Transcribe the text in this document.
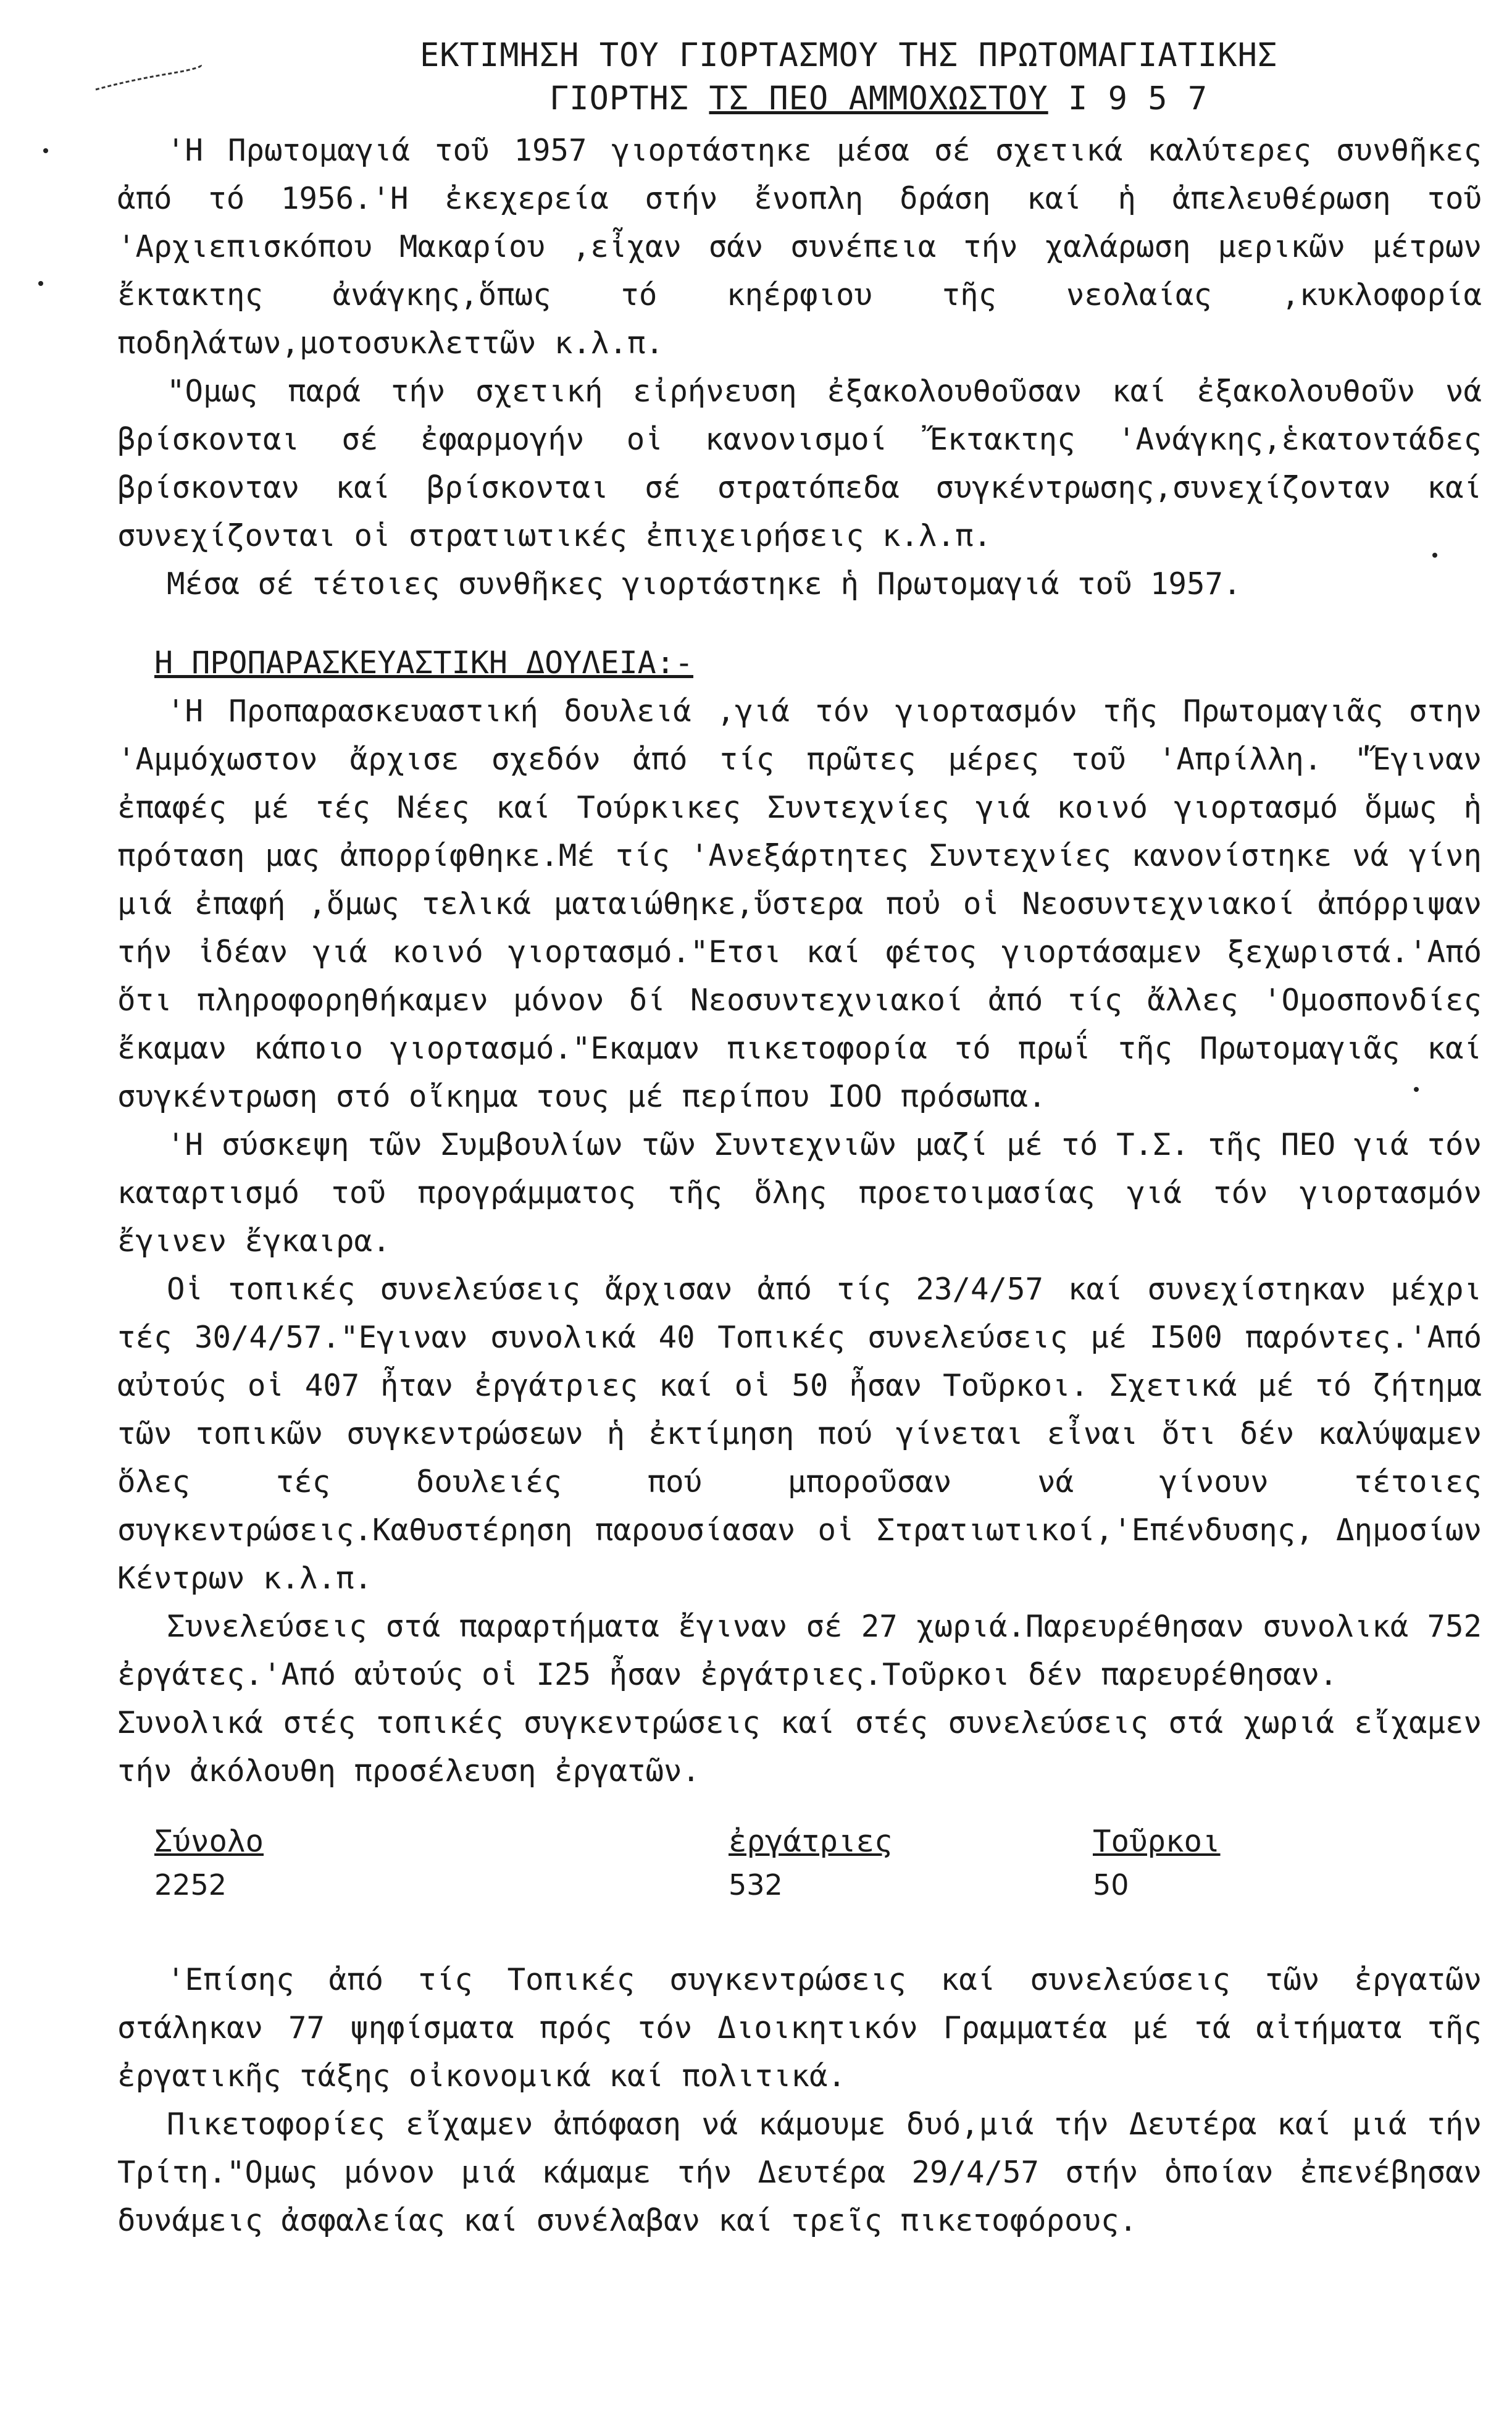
ΕΚΤΙΜΗΣΗ ΤΟΥ ΓΙΟΡΤΑΣΜΟΥ ΤΗΣ ΠΡΩΤΟΜΑΓΙΑΤΙΚΗΣ
ΓΙΟΡΤΗΣ ΤΣ ΠΕΟ ΑΜΜΟΧΩΣΤΟΥ Ι 9 5 7

'Η Πρωτομαγιά τοῦ 1957 γιορτάστηκε μέσα σέ σχετικά καλύτερες συνθῆκες ἀπό τό 1956.'Η ἐκεχερεία στήν ἔνοπλη δράση καί ἡ ἀπελευθέρωση τοῦ 'Αρχιεπισκόπου Μακαρίου ,εἶχαν σάν συνέπεια τήν χαλάρωση μερικῶν μέτρων ἔκτακτης ἀνάγκης,ὅπως τό κηέρφιου τῆς νεολαίας ,κυκλοφορία ποδηλάτων,μοτοσυκλεττῶν κ.λ.π.

"Ομως παρά τήν σχετική εἰρήνευση ἐξακολουθοῦσαν καί ἐξακολουθοῦν νά βρίσκονται σέ ἐφαρμογήν οἱ κανονισμοί Ἔκτακτης 'Ανάγκης,ἑκατοντάδες βρίσκονταν καί βρίσκονται σέ στρατόπεδα συγκέντρωσης,συνεχίζονταν καί συνεχίζονται οἱ στρατιωτικές ἐπιχειρήσεις κ.λ.π.

Μέσα σέ τέτοιες συνθῆκες γιορτάστηκε ἡ Πρωτομαγιά τοῦ 1957.

Η ΠΡΟΠΑΡΑΣΚΕΥΑΣΤΙΚΗ ΔΟΥΛΕΙΑ:-

'Η Προπαρασκευαστική δουλειά ,γιά τόν γιορτασμόν τῆς Πρωτομαγιᾶς στην 'Αμμόχωστον ἄρχισε σχεδόν ἀπό τίς πρῶτες μέρες τοῦ 'Απρίλλη. "Ἔγιναν ἐπαφές μέ τές Νέες καί Τούρκικες Συντεχνίες γιά κοινό γιορτασμό ὅμως ἡ πρόταση μας ἀπορρίφθηκε.Μέ τίς 'Ανεξάρτητες Συντεχνίες κανονίστηκε νά γίνη μιά ἐπαφή ,ὅμως τελικά ματαιώθηκε,ὕστερα ποὐ οἱ Νεοσυντεχνιακοί ἀπόρριψαν τήν ἰδέαν γιά κοινό γιορτασμό."Ετσι καί φέτος γιορτάσαμεν ξεχωριστά.'Από ὅτι πληροφορηθήκαμεν μόνον δί Νεοσυντεχνιακοί ἀπό τίς ἄλλες 'Ομοσπονδίες ἔκαμαν κάποιο γιορτασμό."Εκαμαν πικετοφορία τό πρωΐ τῆς Πρωτομαγιᾶς καί συγκέντρωση στό οἴκημα τους μέ περίπου ΙΟΟ πρόσωπα.

'Η σύσκεψη τῶν Συμβουλίων τῶν Συντεχνιῶν μαζί μέ τό Τ.Σ. τῆς ΠΕΟ γιά τόν καταρτισμό τοῦ προγράμματος τῆς ὅλης προετοιμασίας γιά τόν γιορτασμόν ἔγινεν ἔγκαιρα.

Οἱ τοπικές συνελεύσεις ἄρχισαν ἀπό τίς 23/4/57 καί συνεχίστηκαν μέχρι τές 30/4/57."Εγιναν συνολικά 40 Τοπικές συνελεύσεις μέ Ι500 παρόντες.'Από αὐτούς οἱ 407 ἦταν ἐργάτριες καί οἱ 50 ἦσαν Τοῦρκοι. Σχετικά μέ τό ζήτημα τῶν τοπικῶν συγκεντρώσεων ἡ ἐκτίμηση πού γίνεται εἶναι ὅτι δέν καλύψαμεν ὅλες τές δουλειές πού μποροῦσαν νά γίνουν τέτοιες συγκεντρώσεις.Καθυστέρηση παρουσίασαν οἱ Στρατιωτικοί,'Επένδυσης, Δημοσίων Κέντρων κ.λ.π.

Συνελεύσεις στά παραρτήματα ἔγιναν σέ 27 χωριά.Παρευρέθησαν συνολικά 752 ἐργάτες.'Από αὐτούς οἱ Ι25 ἦσαν ἐργάτριες.Τοῦρκοι δέν παρευρέθησαν.

Συνολικά στές τοπικές συγκεντρώσεις καί στές συνελεύσεις στά χωριά εἴχαμεν τήν ἀκόλουθη προσέλευση ἐργατῶν.

Σύνολο
2252
ἐργάτριες
532
Τοῦρκοι
50

'Επίσης ἀπό τίς Τοπικές συγκεντρώσεις καί συνελεύσεις τῶν ἐργατῶν στάληκαν 77 ψηφίσματα πρός τόν Διοικητικόν Γραμματέα μέ τά αἰτήματα τῆς ἐργατικῆς τάξης οἰκονομικά καί πολιτικά.

Πικετοφορίες εἴχαμεν ἀπόφαση νά κάμουμε δυό,μιά τήν Δευτέρα καί μιά τήν Τρίτη."Ομως μόνον μιά κάμαμε τήν Δευτέρα 29/4/57 στήν ὁποίαν ἐπενέβησαν δυνάμεις ἀσφαλείας καί συνέλαβαν καί τρεῖς πικετοφόρους.
